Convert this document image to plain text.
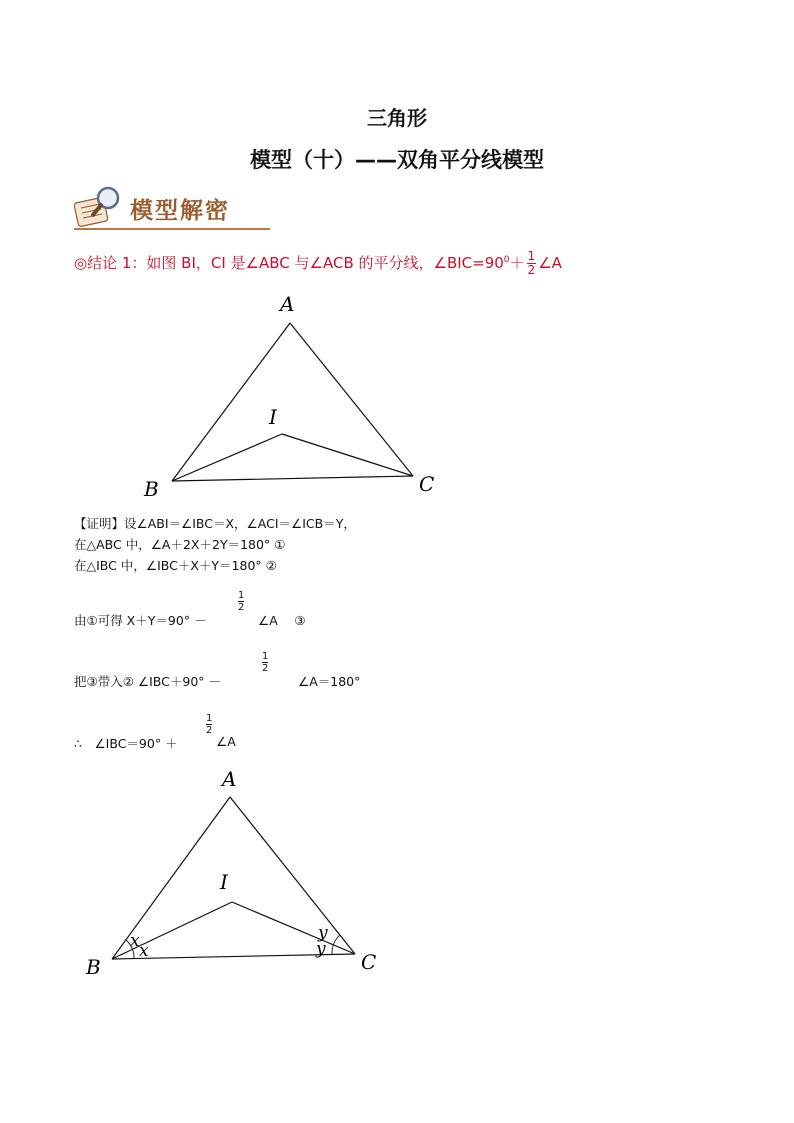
三角形
模型（十）——双角平分线模型
模型解密
◎结论 1：如图 BI，CI 是∠ABC 与∠ACB 的平分线，$\angle BIC=90^0+ \frac{1}{2}$ ∠A
A
B	C
I
【证明】设∠ABI＝∠IBC＝X，∠ACI＝∠ICB＝Y，
在△ABC 中，∠A＋2X＋2Y＝180° ①
在△IBC 中，∠IBC＋X＋Y＝180° ②
由①可得 X＋Y＝90° －
1
2
∠A　 ③
把③带入② ∠IBC＋90° －
1
2
∠A＝180°
∴　∠IBC＝90° ＋
1
2
∠A
A
B	C
I
x x
y
y
